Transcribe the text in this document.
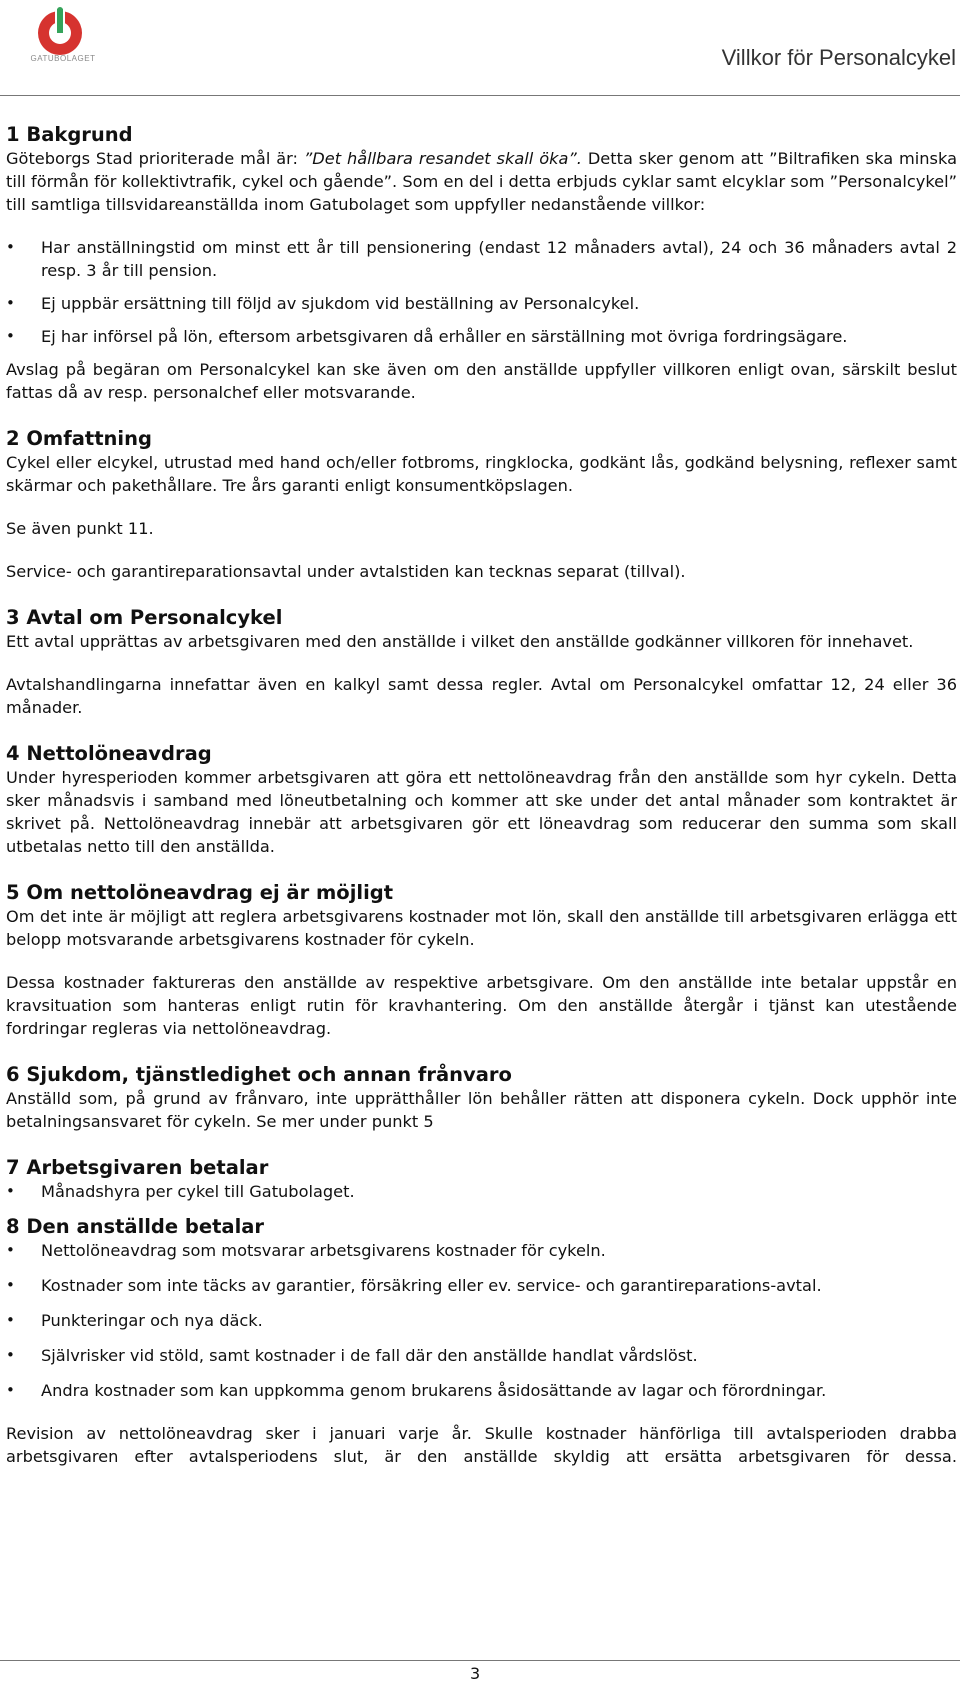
GATUBOLAGET	Villkor för Personalcykel
1 Bakgrund

Göteborgs Stad prioriterade mål är: ”Det hållbara resandet skall öka”. Detta sker genom att ”Biltrafiken ska minska till förmån för kollektivtrafik, cykel och gående”. Som en del i detta erbjuds cyklar samt elcyklar som ”Personalcykel” till samtliga tillsvidareanställda inom Gatubolaget som uppfyller nedanstående villkor:

• Har anställningstid om minst ett år till pensionering (endast 12 månaders avtal), 24 och 36 månaders avtal 2 resp. 3 år till pension.
• Ej uppbär ersättning till följd av sjukdom vid beställning av Personalcykel.
• Ej har införsel på lön, eftersom arbetsgivaren då erhåller en särställning mot övriga fordringsägare.

Avslag på begäran om Personalcykel kan ske även om den anställde uppfyller villkoren enligt ovan, särskilt beslut fattas då av resp. personalchef eller motsvarande.

2 Omfattning

Cykel eller elcykel, utrustad med hand och/eller fotbroms, ringklocka, godkänt lås, godkänd belysning, reflexer samt skärmar och pakethållare. Tre års garanti enligt konsumentköpslagen.

Se även punkt 11.

Service- och garantireparationsavtal under avtalstiden kan tecknas separat (tillval).

3 Avtal om Personalcykel

Ett avtal upprättas av arbetsgivaren med den anställde i vilket den anställde godkänner villkoren för innehavet.

Avtalshandlingarna innefattar även en kalkyl samt dessa regler. Avtal om Personalcykel omfattar 12, 24 eller 36 månader.

4 Nettolöneavdrag

Under hyresperioden kommer arbetsgivaren att göra ett nettolöneavdrag från den anställde som hyr cykeln. Detta sker månadsvis i samband med löneutbetalning och kommer att ske under det antal månader som kontraktet är skrivet på. Nettolöneavdrag innebär att arbetsgivaren gör ett löneavdrag som reducerar den summa som skall utbetalas netto till den anställda.

5 Om nettolöneavdrag ej är möjligt

Om det inte är möjligt att reglera arbetsgivarens kostnader mot lön, skall den anställde till arbetsgivaren erlägga ett belopp motsvarande arbetsgivarens kostnader för cykeln.

Dessa kostnader faktureras den anställde av respektive arbetsgivare. Om den anställde inte betalar uppstår en kravsituation som hanteras enligt rutin för kravhantering. Om den anställde återgår i tjänst kan utestående fordringar regleras via nettolöneavdrag.

6 Sjukdom, tjänstledighet och annan frånvaro

Anställd som, på grund av frånvaro, inte upprätthåller lön behåller rätten att disponera cykeln. Dock upphör inte betalningsansvaret för cykeln. Se mer under punkt 5

7 Arbetsgivaren betalar
• Månadshyra per cykel till Gatubolaget.
8 Den anställde betalar
• Nettolöneavdrag som motsvarar arbetsgivarens kostnader för cykeln.
• Kostnader som inte täcks av garantier, försäkring eller ev. service- och garantireparations-avtal.
• Punkteringar och nya däck.
• Självrisker vid stöld, samt kostnader i de fall där den anställde handlat vårdslöst.
• Andra kostnader som kan uppkomma genom brukarens åsidosättande av lagar och förordningar.

Revision av nettolöneavdrag sker i januari varje år. Skulle kostnader hänförliga till avtalsperioden drabba arbetsgivaren efter avtalsperiodens slut, är den anställde skyldig att ersätta arbetsgivaren för dessa.

3
